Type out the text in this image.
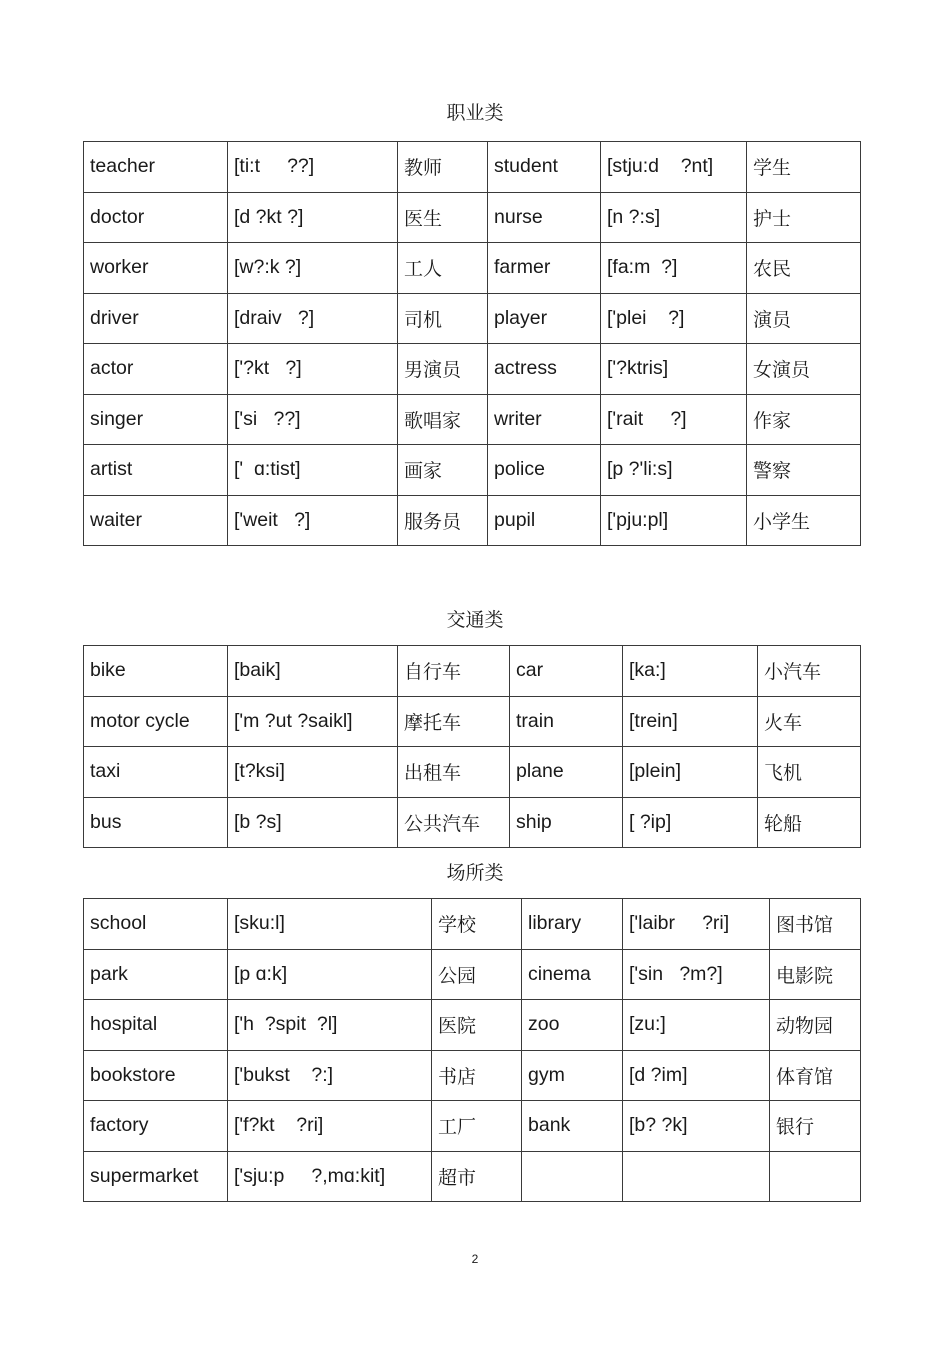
职业类
teacher	[ti:t     ??]	教师	student	[stju:d    ?nt]	学生
doctor	[d ?kt ?]	医生	nurse	[n ?:s]	护士
worker	[w?:k ?]	工人	farmer	[fa:m  ?]	农民
driver	[draiv   ?]	司机	player	['plei    ?]	演员
actor	['?kt   ?]	男演员	actress	['?ktris]	女演员
singer	['si   ??]	歌唱家	writer	['rait     ?]	作家
artist	['  ɑ:tist]	画家	police	[p ?'li:s]	警察
waiter	['weit   ?]	服务员	pupil	['pju:pl]	小学生
交通类
bike	[baik]	自行车	car	[ka:]	小汽车
motor cycle	['m ?ut ?saikl]	摩托车	train	[trein]	火车
taxi	[t?ksi]	出租车	plane	[plein]	飞机
bus	[b ?s]	公共汽车	ship	[ ?ip]	轮船
场所类
school	[sku:l]	学校	library	['laibr     ?ri]	图书馆
park	[p ɑ:k]	公园	cinema	['sin   ?m?]	电影院
hospital	['h  ?spit  ?l]	医院	zoo	[zu:]	动物园
bookstore	['bukst    ?:]	书店	gym	[d ?im]	体育馆
factory	['f?kt    ?ri]	工厂	bank	[b? ?k]	银行
supermarket	['sju:p     ?,mɑ:kit]	超市			
2
